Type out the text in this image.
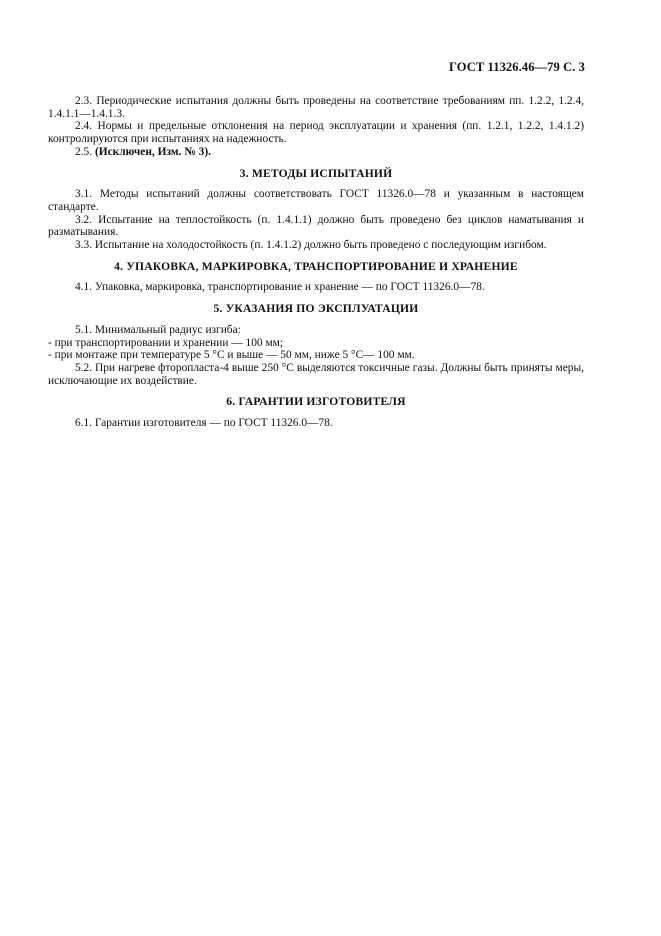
ГОСТ 11326.46—79 С. 3

2.3. Периодические испытания должны быть проведены на соответствие требованиям пп. 1.2.2, 1.2.4, 1.4.1.1—1.4.1.3.

2.4. Нормы и предельные отклонения на период эксплуатации и хранения (пп. 1.2.1, 1.2.2, 1.4.1.2) контролируются при испытаниях на надежность.

2.5. (Исключен, Изм. № 3).

3. МЕТОДЫ ИСПЫТАНИЙ

3.1. Методы испытаний должны соответствовать ГОСТ 11326.0—78 и указанным в настоящем стандарте.

3.2. Испытание на теплостойкость (п. 1.4.1.1) должно быть проведено без циклов наматывания и разматывания.

3.3. Испытание на холодостойкость (п. 1.4.1.2) должно быть проведено с последующим изгибом.

4. УПАКОВКА, МАРКИРОВКА, ТРАНСПОРТИРОВАНИЕ И ХРАНЕНИЕ

4.1. Упаковка, маркировка, транспортирование и хранение — по ГОСТ 11326.0—78.

5. УКАЗАНИЯ ПО ЭКСПЛУАТАЦИИ

5.1. Минимальный радиус изгиба:

- при транспортировании и хранении — 100 мм;

- при монтаже при температуре 5 °С и выше — 50 мм, ниже 5 °С— 100 мм.

5.2. При нагреве фторопласта-4 выше 250 °С выделяются токсичные газы. Должны быть приняты меры, исключающие их воздействие.

6. ГАРАНТИИ ИЗГОТОВИТЕЛЯ

6.1. Гарантии изготовителя — по ГОСТ 11326.0—78.
